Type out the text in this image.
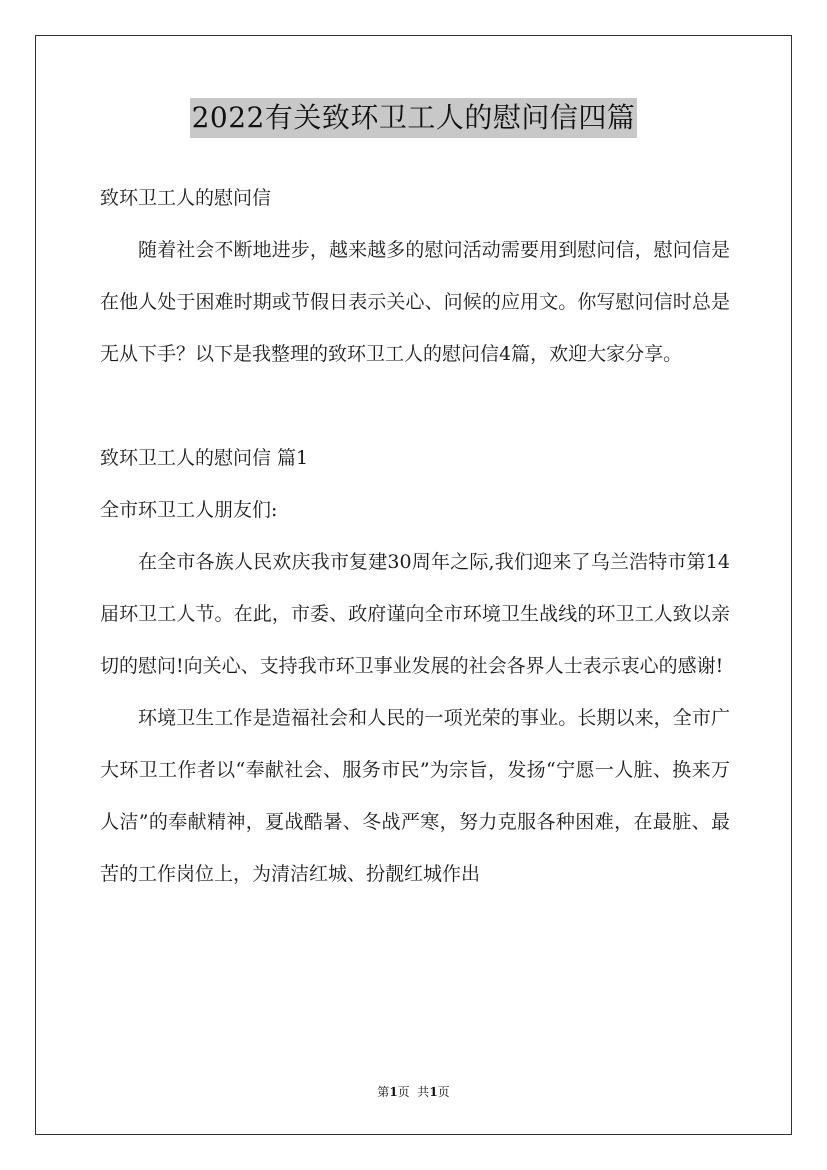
2022有关致环卫工人的慰问信四篇

致环卫工人的慰问信

随着社会不断地进步，越来越多的慰问活动需要用到慰问信，慰问信是在他人处于困难时期或节假日表示关心、问候的应用文。你写慰问信时总是无从下手？以下是我整理的致环卫工人的慰问信4篇，欢迎大家分享。

致环卫工人的慰问信 篇1

全市环卫工人朋友们:

在全市各族人民欢庆我市复建30周年之际,我们迎来了乌兰浩特市第14届环卫工人节。在此，市委、政府谨向全市环境卫生战线的环卫工人致以亲切的慰问!向关心、支持我市环卫事业发展的社会各界人士表示衷心的感谢!

环境卫生工作是造福社会和人民的一项光荣的事业。长期以来，全市广大环卫工作者以“奉献社会、服务市民”为宗旨，发扬“宁愿一人脏、换来万人洁”的奉献精神，夏战酷暑、冬战严寒，努力克服各种困难，在最脏、最苦的工作岗位上，为清洁红城、扮靓红城作出

第1页  共1页
